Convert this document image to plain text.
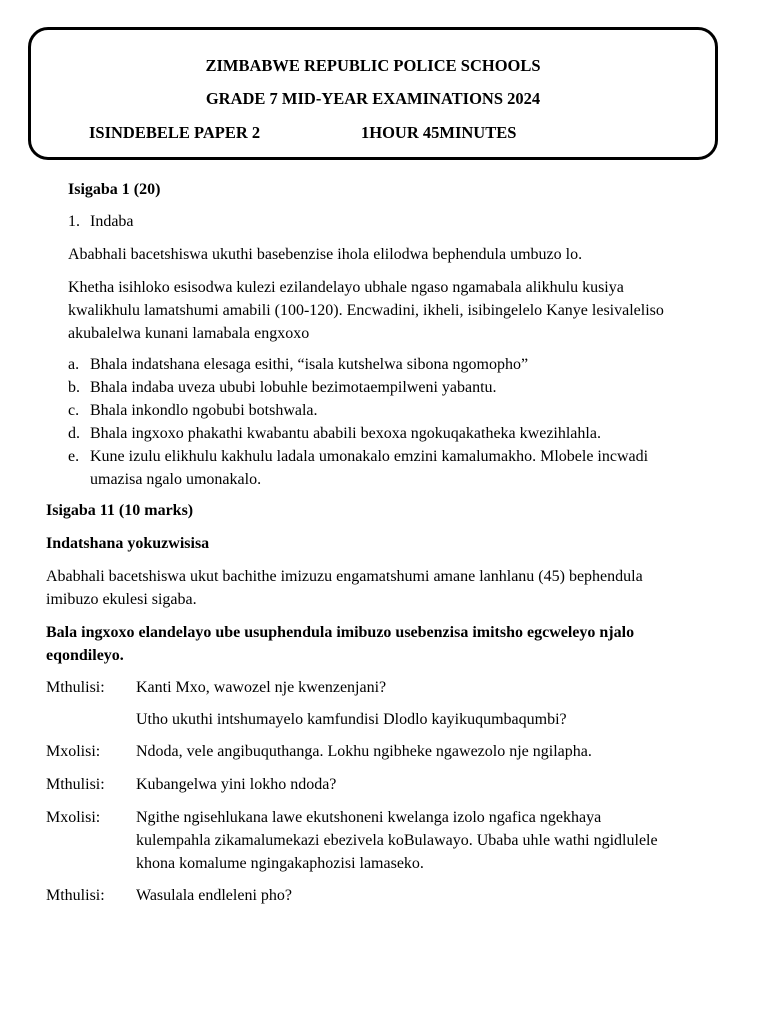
ZIMBABWE REPUBLIC POLICE SCHOOLS
GRADE 7 MID-YEAR EXAMINATIONS 2024
ISINDEBELE PAPER 2	1HOUR 45MINUTES
Isigaba 1 (20)
1. Indaba
Ababhali bacetshiswa ukuthi basebenzise ihola elilodwa bephendula umbuzo lo.
Khetha isihloko esisodwa kulezi ezilandelayo ubhale ngaso ngamabala alikhulu kusiya
kwalikhulu lamatshumi amabili (100-120). Encwadini, ikheli, isibingelelo Kanye lesivaleliso
akubalelwa kunani lamabala engxoxo
a. Bhala indatshana elesaga esithi, “isala kutshelwa sibona ngomopho”
b. Bhala indaba uveza ububi lobuhle bezimotaempilweni yabantu.
c. Bhala inkondlo ngobubi botshwala.
d. Bhala ingxoxo phakathi kwabantu ababili bexoxa ngokuqakatheka kwezihlahla.
e. Kune izulu elikhulu kakhulu ladala umonakalo emzini kamalumakho. Mlobele incwadi
umazisa ngalo umonakalo.
Isigaba 11 (10 marks)
Indatshana yokuzwisisa
Ababhali bacetshiswa ukut bachithe imizuzu engamatshumi amane lanhlanu (45) bephendula
imibuzo ekulesi sigaba.
Bala ingxoxo elandelayo ube usuphendula imibuzo usebenzisa imitsho egcweleyo njalo
eqondileyo.
Mthulisi: Kanti Mxo, wawozel nje kwenzenjani?
Utho ukuthi intshumayelo kamfundisi Dlodlo kayikuqumbaqumbi?
Mxolisi: Ndoda, vele angibuquthanga. Lokhu ngibheke ngawezolo nje ngilapha.
Mthulisi: Kubangelwa yini lokho ndoda?
Mxolisi: Ngithe ngisehlukana lawe ekutshoneni kwelanga izolo ngafica ngekhaya
kulempahla zikamalumekazi ebezivela koBulawayo. Ubaba uhle wathi ngidlulele
khona komalume ngingakaphozisi lamaseko.
Mthulisi: Wasulala endleleni pho?
